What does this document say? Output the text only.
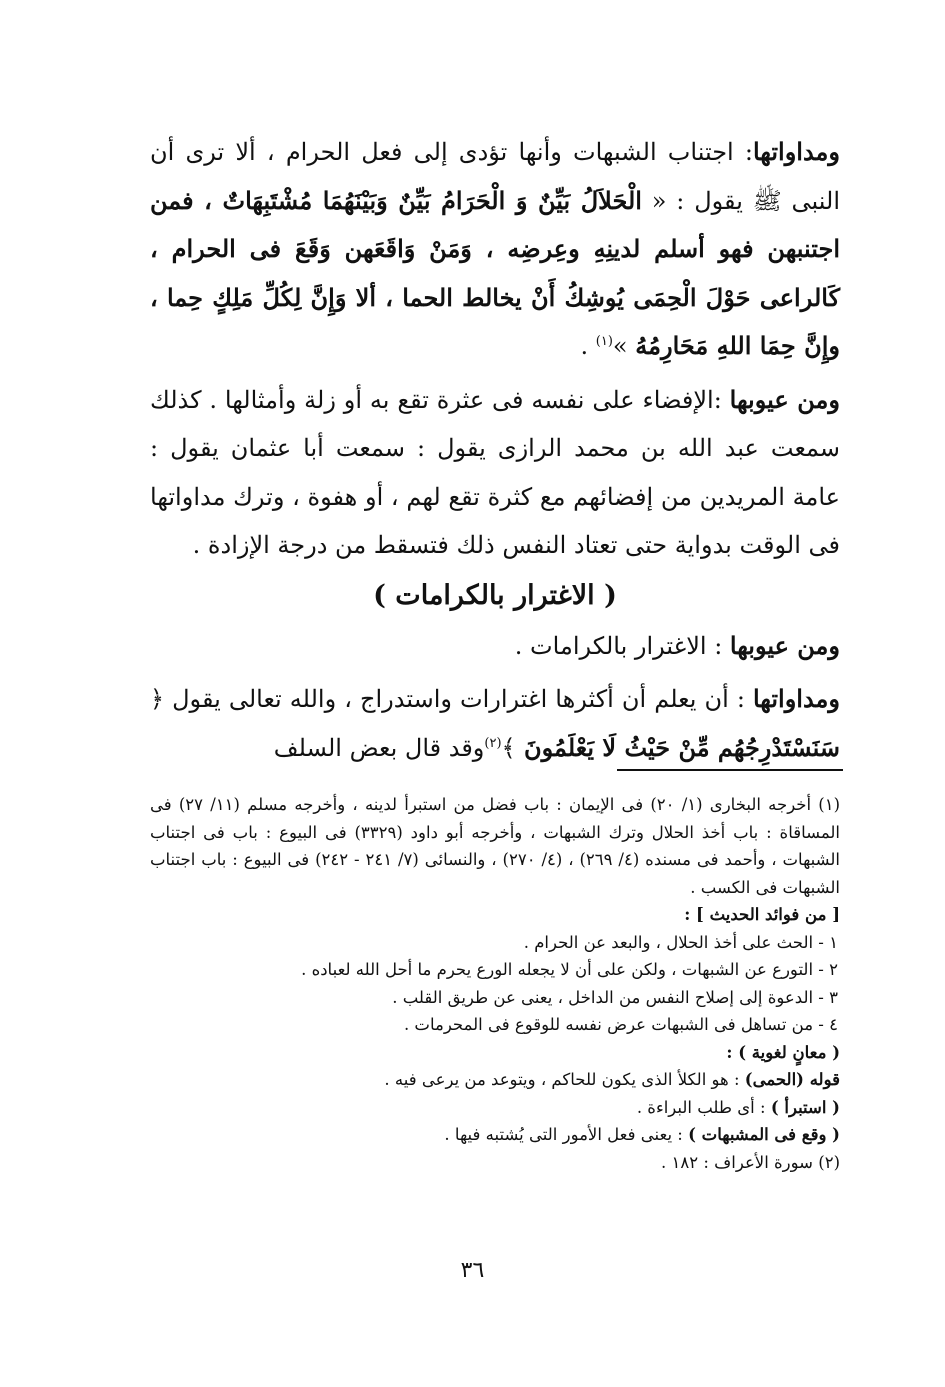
ومداواتها: اجتناب الشبهات وأنها تؤدى إلى فعل الحرام ، ألا ترى أن النبى ﷺ يقول : « الْحَلاَلُ بَيِّنٌ وَ الْحَرَامُ بَيِّنٌ وَبَيْنَهُمَا مُشْتَبِهَاتٌ ، فمن اجتنبهن فهو أسلم لدينِهِ وعِرضِه ، وَمَنْ وَاقَعَهن وَقَعَ فى الحرام ، كَالراعى حَوْلَ الْحِمَى يُوشِكُ أَنْ يخالط الحما ، ألا وَإِنَّ لِكُلِّ مَلِكٍ حِما ، وإِنَّ حِمَا اللهِ مَحَارِمُهُ »$^{(١)}$ .

ومن عيوبها :الإفضاء على نفسه فى عثرة تقع به أو زلة وأمثالها . كذلك سمعت عبد الله بن محمد الرازى يقول : سمعت أبا عثمان يقول : عامة المريدين من إفضائهم مع كثرة تقع لهم ، أو هفوة ، وترك مداواتها فى الوقت بدواية حتى تعتاد النفس ذلك فتسقط من درجة الإزادة .

( الاغترار بالكرامات )

ومن عيوبها : الاغترار بالكرامات .

ومداواتها : أن يعلم أن أكثرها اغترارات واستدراج ، والله تعالى يقول ﴿ سَنَسْتَدْرِجُهُم مِّنْ حَيْثُ لَا يَعْلَمُونَ ﴾$^{(٢)}$وقد قال بعض السلف

(١) أخرجه البخارى (١/ ٢٠) فى الإيمان : باب فضل من استبرأ لدينه ، وأخرجه مسلم (١١/ ٢٧) فى المساقاة : باب أخذ الحلال وترك الشبهات ، وأخرجه أبو داود (٣٣٢٩) فى البيوع : باب فى اجتناب الشبهات ، وأحمد فى مسنده (٤/ ٢٦٩) ، (٤/ ٢٧٠) ، والنسائى (٧/ ٢٤١ - ٢٤٢) فى البيوع : باب اجتناب الشبهات فى الكسب .

[ من فوائد الحديث ] :

١ - الحث على أخذ الحلال ، والبعد عن الحرام .

٢ - التورع عن الشبهات ، ولكن على أن لا يجعله الورع يحرم ما أحل الله لعباده .

٣ - الدعوة إلى إصلاح النفس من الداخل ، يعنى عن طريق القلب .

٤ - من تساهل فى الشبهات عرض نفسه للوقوع فى المحرمات .

( معانٍ لغوية ) :

قوله (الحمى) : هو الكلأ الذى يكون للحاكم ، ويتوعد من يرعى فيه .

( استبرأ ) : أى طلب البراءة .

( وقع فى المشبهات ) : يعنى فعل الأمور التى يُشتبه فيها .

(٢) سورة الأعراف : ١٨٢ .

٣٦
